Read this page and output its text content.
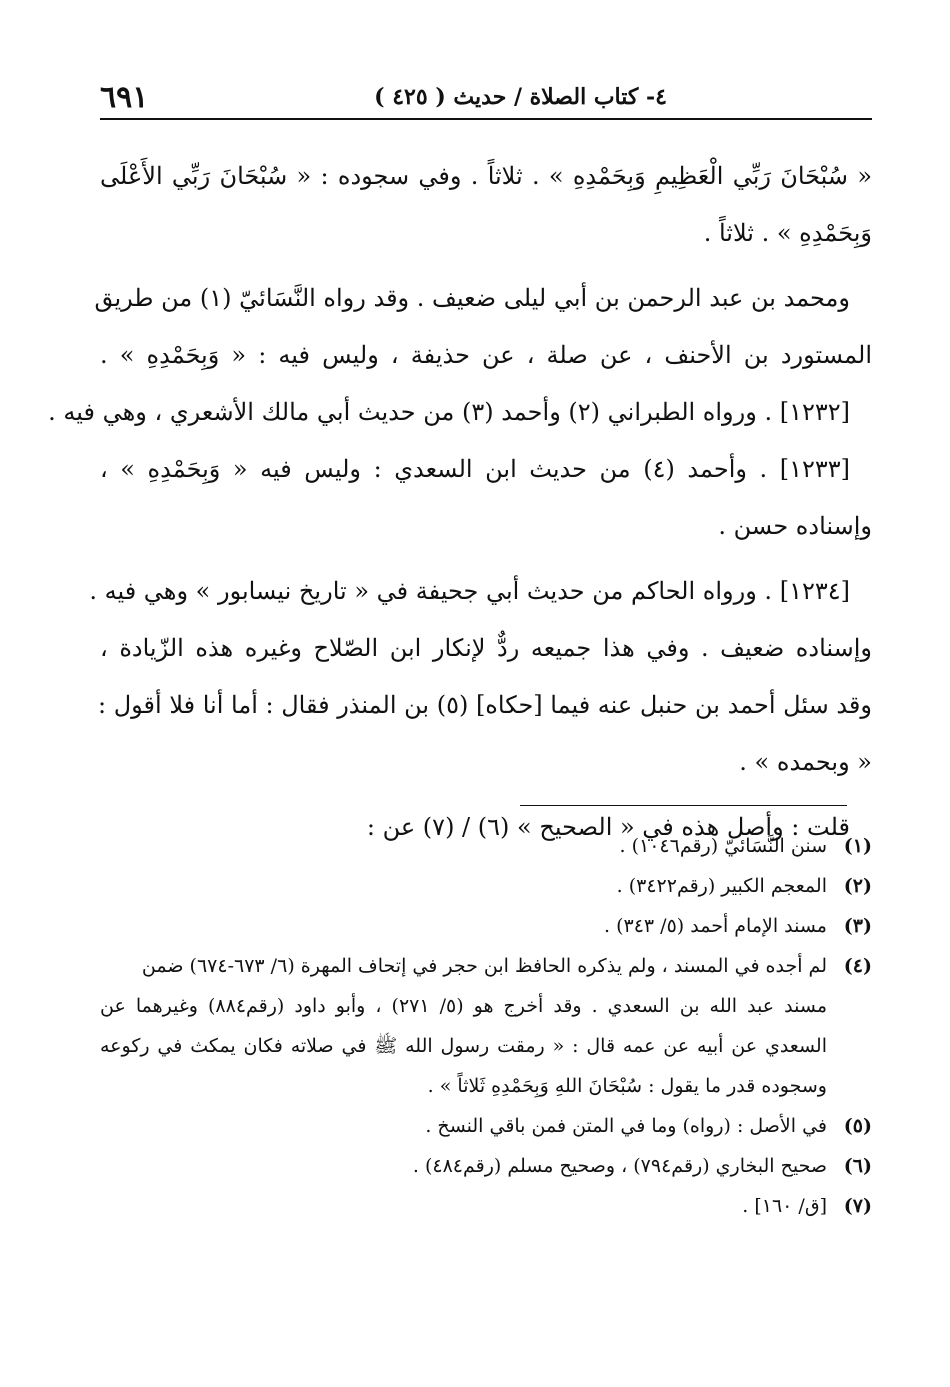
٤- كتاب الصلاة / حديث ( ٤٢٥ )
٦٩١
« سُبْحَانَ رَبِّي الْعَظِيمِ وَبِحَمْدِهِ » . ثلاثاً . وفي سجوده : « سُبْحَانَ رَبِّي الأَعْلَى
وَبِحَمْدِهِ » . ثلاثاً .
ومحمد بن عبد الرحمن بن أبي ليلى ضعيف . وقد رواه النَّسَائيّ (١) من طريق
المستورد بن الأحنف ، عن صلة ، عن حذيفة ، وليس فيه : « وَبِحَمْدِهِ » .
[١٢٣٢] . ورواه الطبراني (٢) وأحمد (٣) من حديث أبي مالك الأشعري ، وهي فيه .
[١٢٣٣] . وأحمد (٤) من حديث ابن السعدي : وليس فيه « وَبِحَمْدِهِ » ،
وإسناده حسن .
[١٢٣٤] . ورواه الحاكم من حديث أبي جحيفة في « تاريخ نيسابور » وهي فيه .
وإسناده ضعيف . وفي هذا جميعه ردٌّ لإنكار ابن الصّلاح وغيره هذه الزّيادة ،
وقد سئل أحمد بن حنبل عنه فيما [حكاه] (٥) بن المنذر فقال : أما أنا فلا أقول :
« وبحمده » .
قلت : وأصل هذه في « الصحيح » (٦) / (٧) عن :
(١)سنن النَّسَائيّ (رقم١٠٤٦) .
(٢)المعجم الكبير (رقم٣٤٢٢) .
(٣)مسند الإمام أحمد (٥/ ٣٤٣) .
(٤)لم أجده في المسند ، ولم يذكره الحافظ ابن حجر في إتحاف المهرة (٦/ ٦٧٣-٦٧٤) ضمن
مسند عبد الله بن السعدي . وقد أخرج هو (٥/ ٢٧١) ، وأبو داود (رقم٨٨٤) وغيرهما عن
السعدي عن أبيه عن عمه قال : « رمقت رسول الله ﷺ في صلاته فكان يمكث في ركوعه
وسجوده قدر ما يقول : سُبْحَانَ اللهِ وَبِحَمْدِهِ ثَلاثاً » .
(٥)في الأصل : (رواه) وما في المتن فمن باقي النسخ .
(٦)صحيح البخاري (رقم٧٩٤) ، وصحيح مسلم (رقم٤٨٤) .
(٧)[ق/ ١٦٠] .
